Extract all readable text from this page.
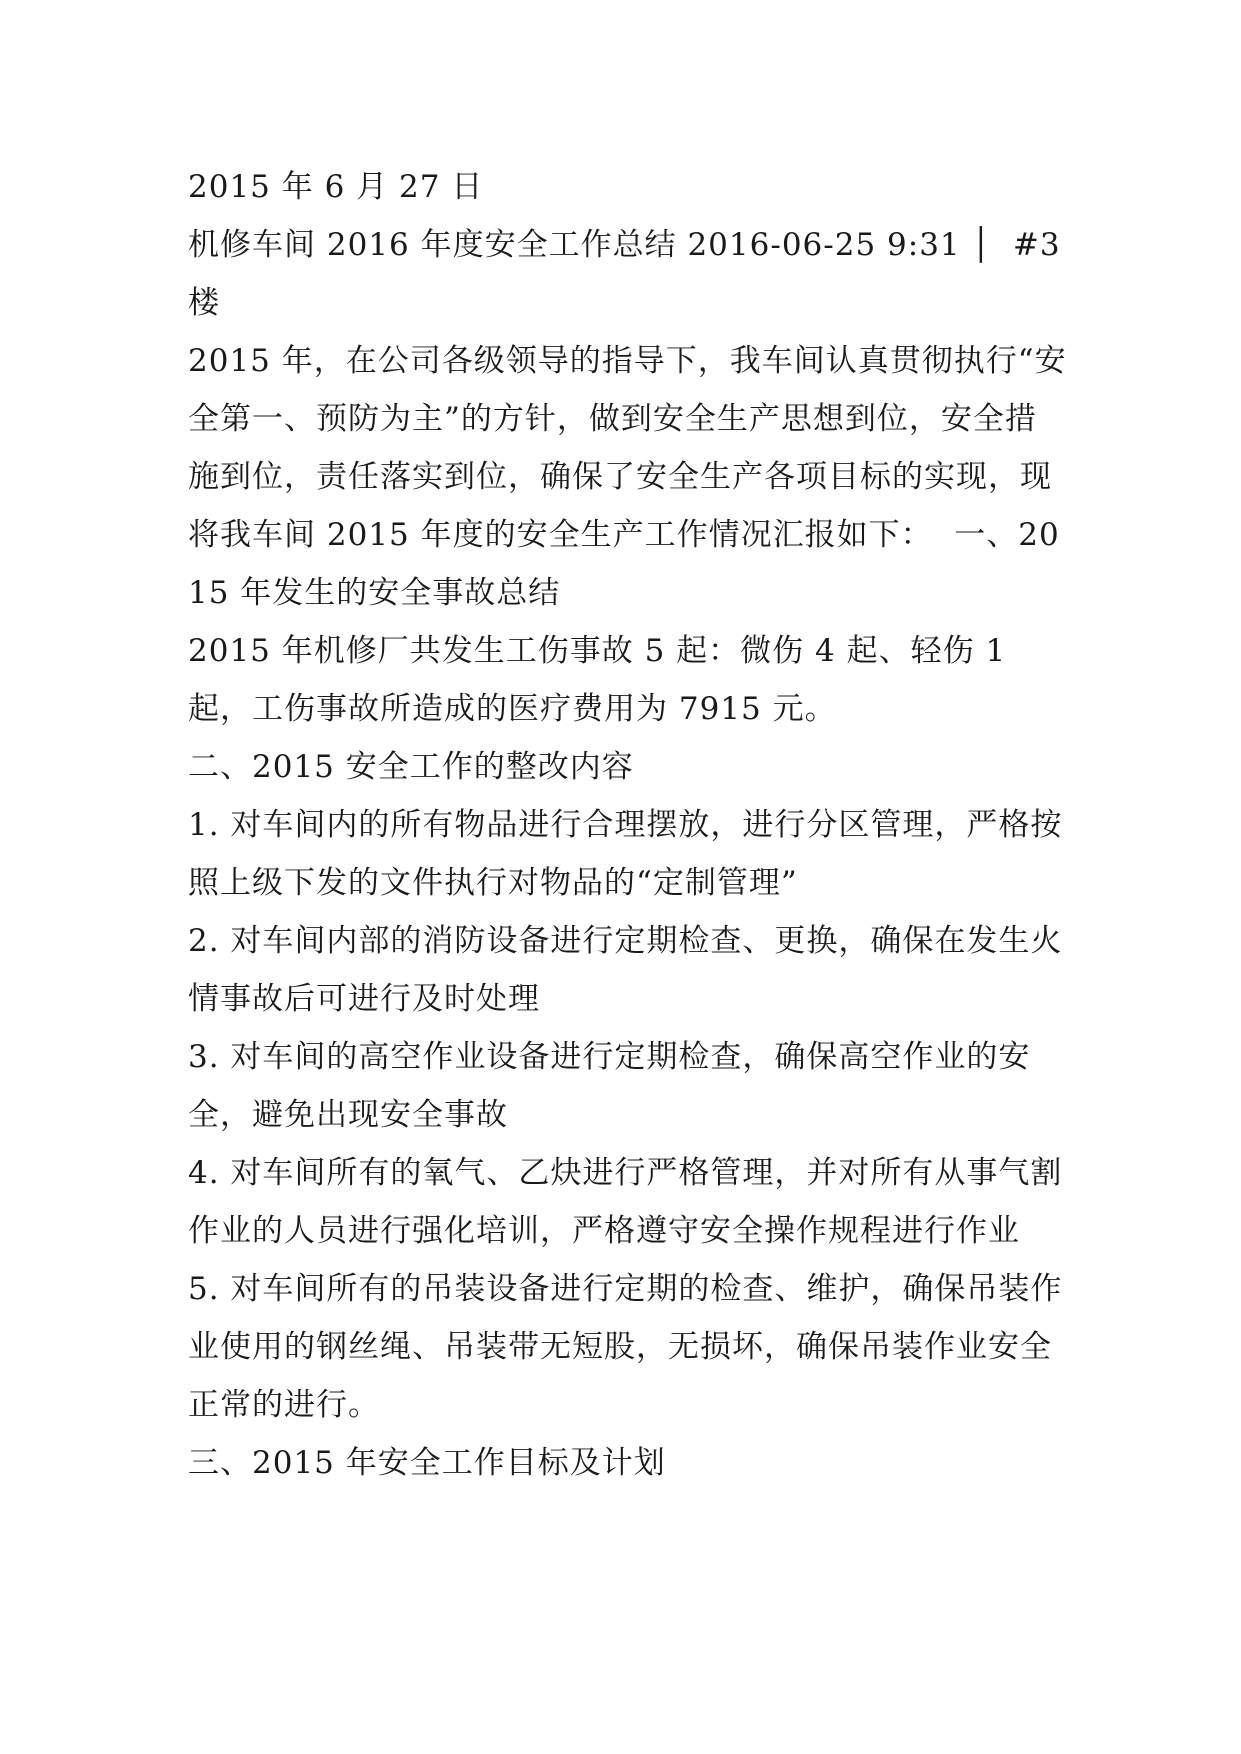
2015 年 6 月 27 日

机修车间 2016 年度安全工作总结 2016-06-25 9:31 │  #3 楼

2015 年，在公司各级领导的指导下，我车间认真贯彻执行“安全第一、预防为主”的方针，做到安全生产思想到位，安全措施到位，责任落实到位，确保了安全生产各项目标的实现，现将我车间 2015 年度的安全生产工作情况汇报如下：  一、2015 年发生的安全事故总结

2015 年机修厂共发生工伤事故 5 起：微伤 4 起、轻伤 1 起，工伤事故所造成的医疗费用为 7915 元。

二、2015 安全工作的整改内容

1. 对车间内的所有物品进行合理摆放，进行分区管理，严格按照上级下发的文件执行对物品的“定制管理”

2. 对车间内部的消防设备进行定期检查、更换，确保在发生火情事故后可进行及时处理

3. 对车间的高空作业设备进行定期检查，确保高空作业的安全，避免出现安全事故

4. 对车间所有的氧气、乙炔进行严格管理，并对所有从事气割作业的人员进行强化培训，严格遵守安全操作规程进行作业

5. 对车间所有的吊装设备进行定期的检查、维护，确保吊装作业使用的钢丝绳、吊装带无短股，无损坏，确保吊装作业安全正常的进行。

三、2015 年安全工作目标及计划
